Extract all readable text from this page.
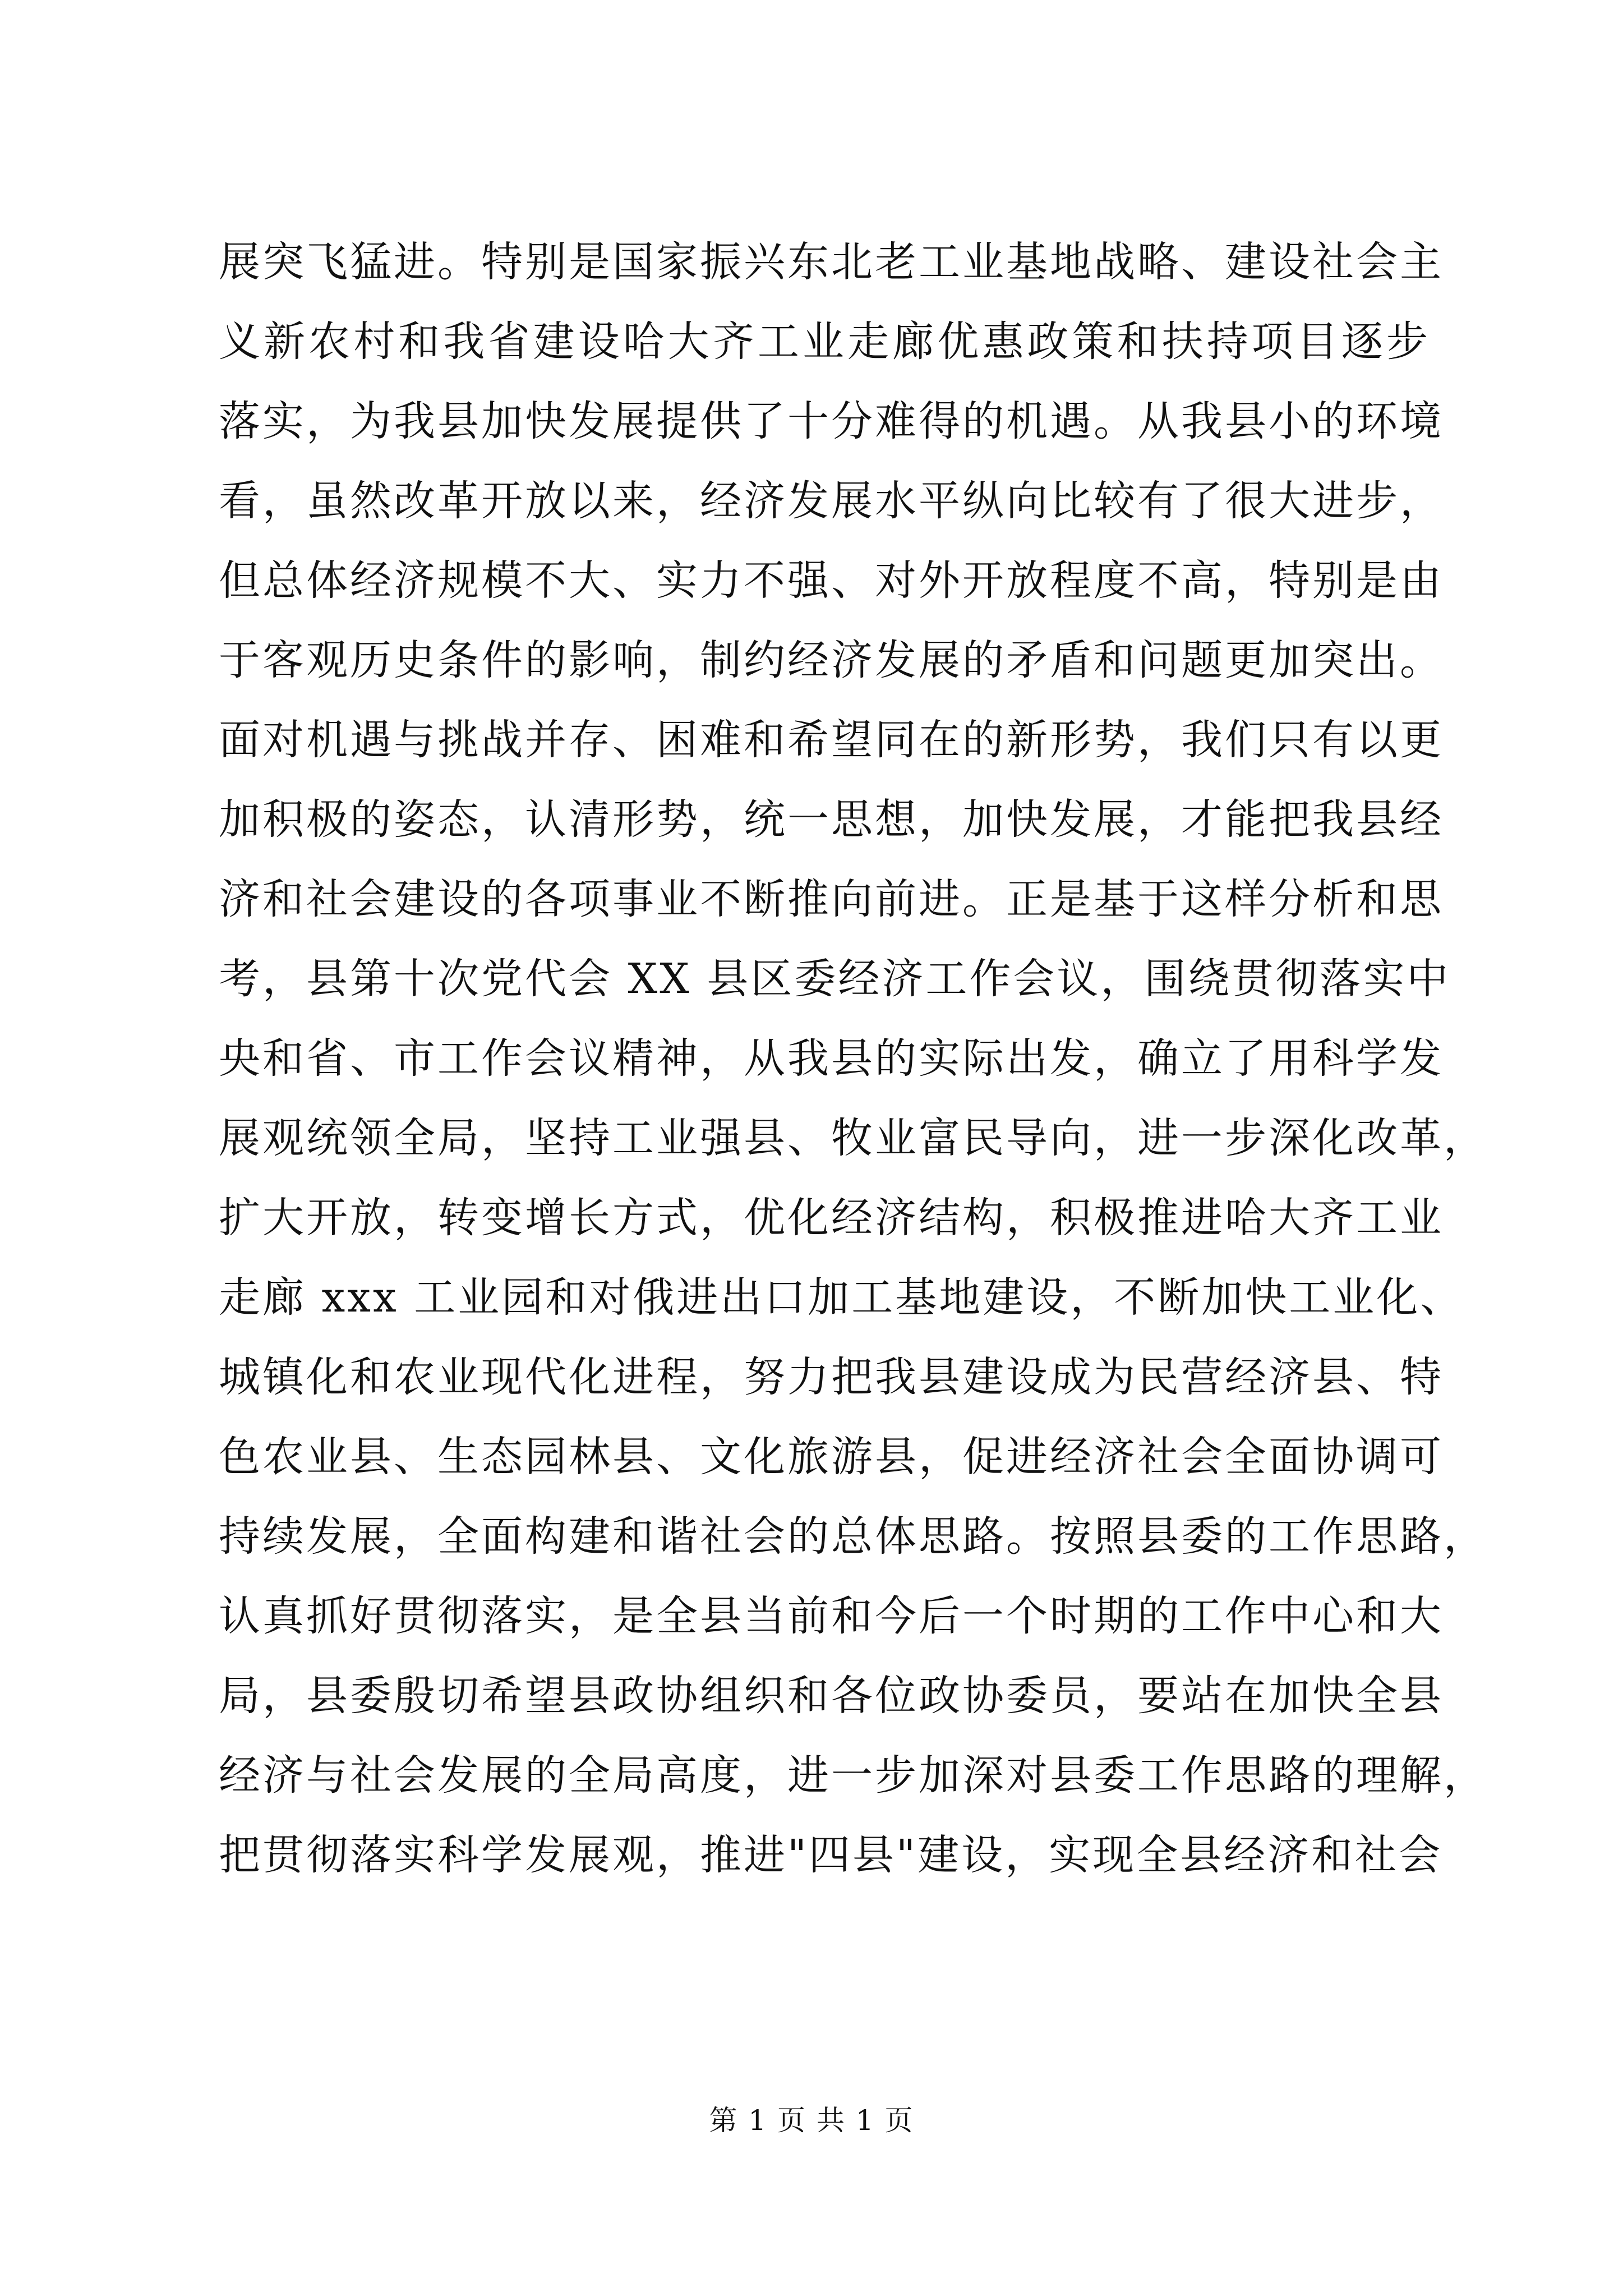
展突飞猛进。特别是国家振兴东北老工业基地战略、建设社会主
义新农村和我省建设哈大齐工业走廊优惠政策和扶持项目逐步
落实，为我县加快发展提供了十分难得的机遇。从我县小的环境
看，虽然改革开放以来，经济发展水平纵向比较有了很大进步，
但总体经济规模不大、实力不强、对外开放程度不高，特别是由
于客观历史条件的影响，制约经济发展的矛盾和问题更加突出。
面对机遇与挑战并存、困难和希望同在的新形势，我们只有以更
加积极的姿态，认清形势，统一思想，加快发展，才能把我县经
济和社会建设的各项事业不断推向前进。正是基于这样分析和思
考，县第十次党代会 XX 县区委经济工作会议，围绕贯彻落实中
央和省、市工作会议精神，从我县的实际出发，确立了用科学发
展观统领全局，坚持工业强县、牧业富民导向，进一步深化改革，
扩大开放，转变增长方式，优化经济结构，积极推进哈大齐工业
走廊 xxx 工业园和对俄进出口加工基地建设，不断加快工业化、
城镇化和农业现代化进程，努力把我县建设成为民营经济县、特
色农业县、生态园林县、文化旅游县，促进经济社会全面协调可
持续发展，全面构建和谐社会的总体思路。按照县委的工作思路，
认真抓好贯彻落实，是全县当前和今后一个时期的工作中心和大
局，县委殷切希望县政协组织和各位政协委员，要站在加快全县
经济与社会发展的全局高度，进一步加深对县委工作思路的理解，
把贯彻落实科学发展观，推进"四县"建设，实现全县经济和社会
第 1 页 共 1 页
